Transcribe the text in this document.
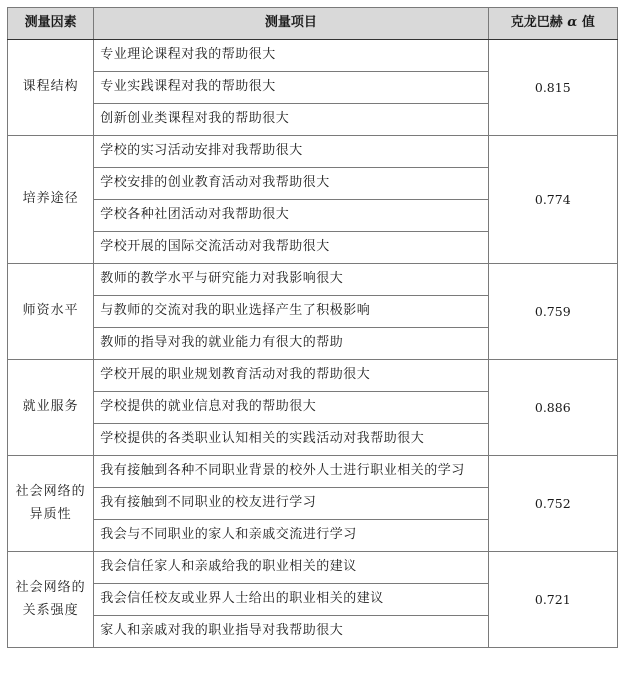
测量因素	测量项目	克龙巴赫 α 值
课程结构	专业理论课程对我的帮助很大	0.815
	专业实践课程对我的帮助很大	
	创新创业类课程对我的帮助很大	
培养途径	学校的实习活动安排对我帮助很大	0.774
	学校安排的创业教育活动对我帮助很大	
	学校各种社团活动对我帮助很大	
	学校开展的国际交流活动对我帮助很大	
师资水平	教师的教学水平与研究能力对我影响很大	0.759
	与教师的交流对我的职业选择产生了积极影响	
	教师的指导对我的就业能力有很大的帮助	
就业服务	学校开展的职业规划教育活动对我的帮助很大	0.886
	学校提供的就业信息对我的帮助很大	
	学校提供的各类职业认知相关的实践活动对我帮助很大	
社会网络的异质性	我有接触到各种不同职业背景的校外人士进行职业相关的学习	0.752
	我有接触到不同职业的校友进行学习	
	我会与不同职业的家人和亲戚交流进行学习	
社会网络的关系强度	我会信任家人和亲戚给我的职业相关的建议	0.721
	我会信任校友或业界人士给出的职业相关的建议	
	家人和亲戚对我的职业指导对我帮助很大	
